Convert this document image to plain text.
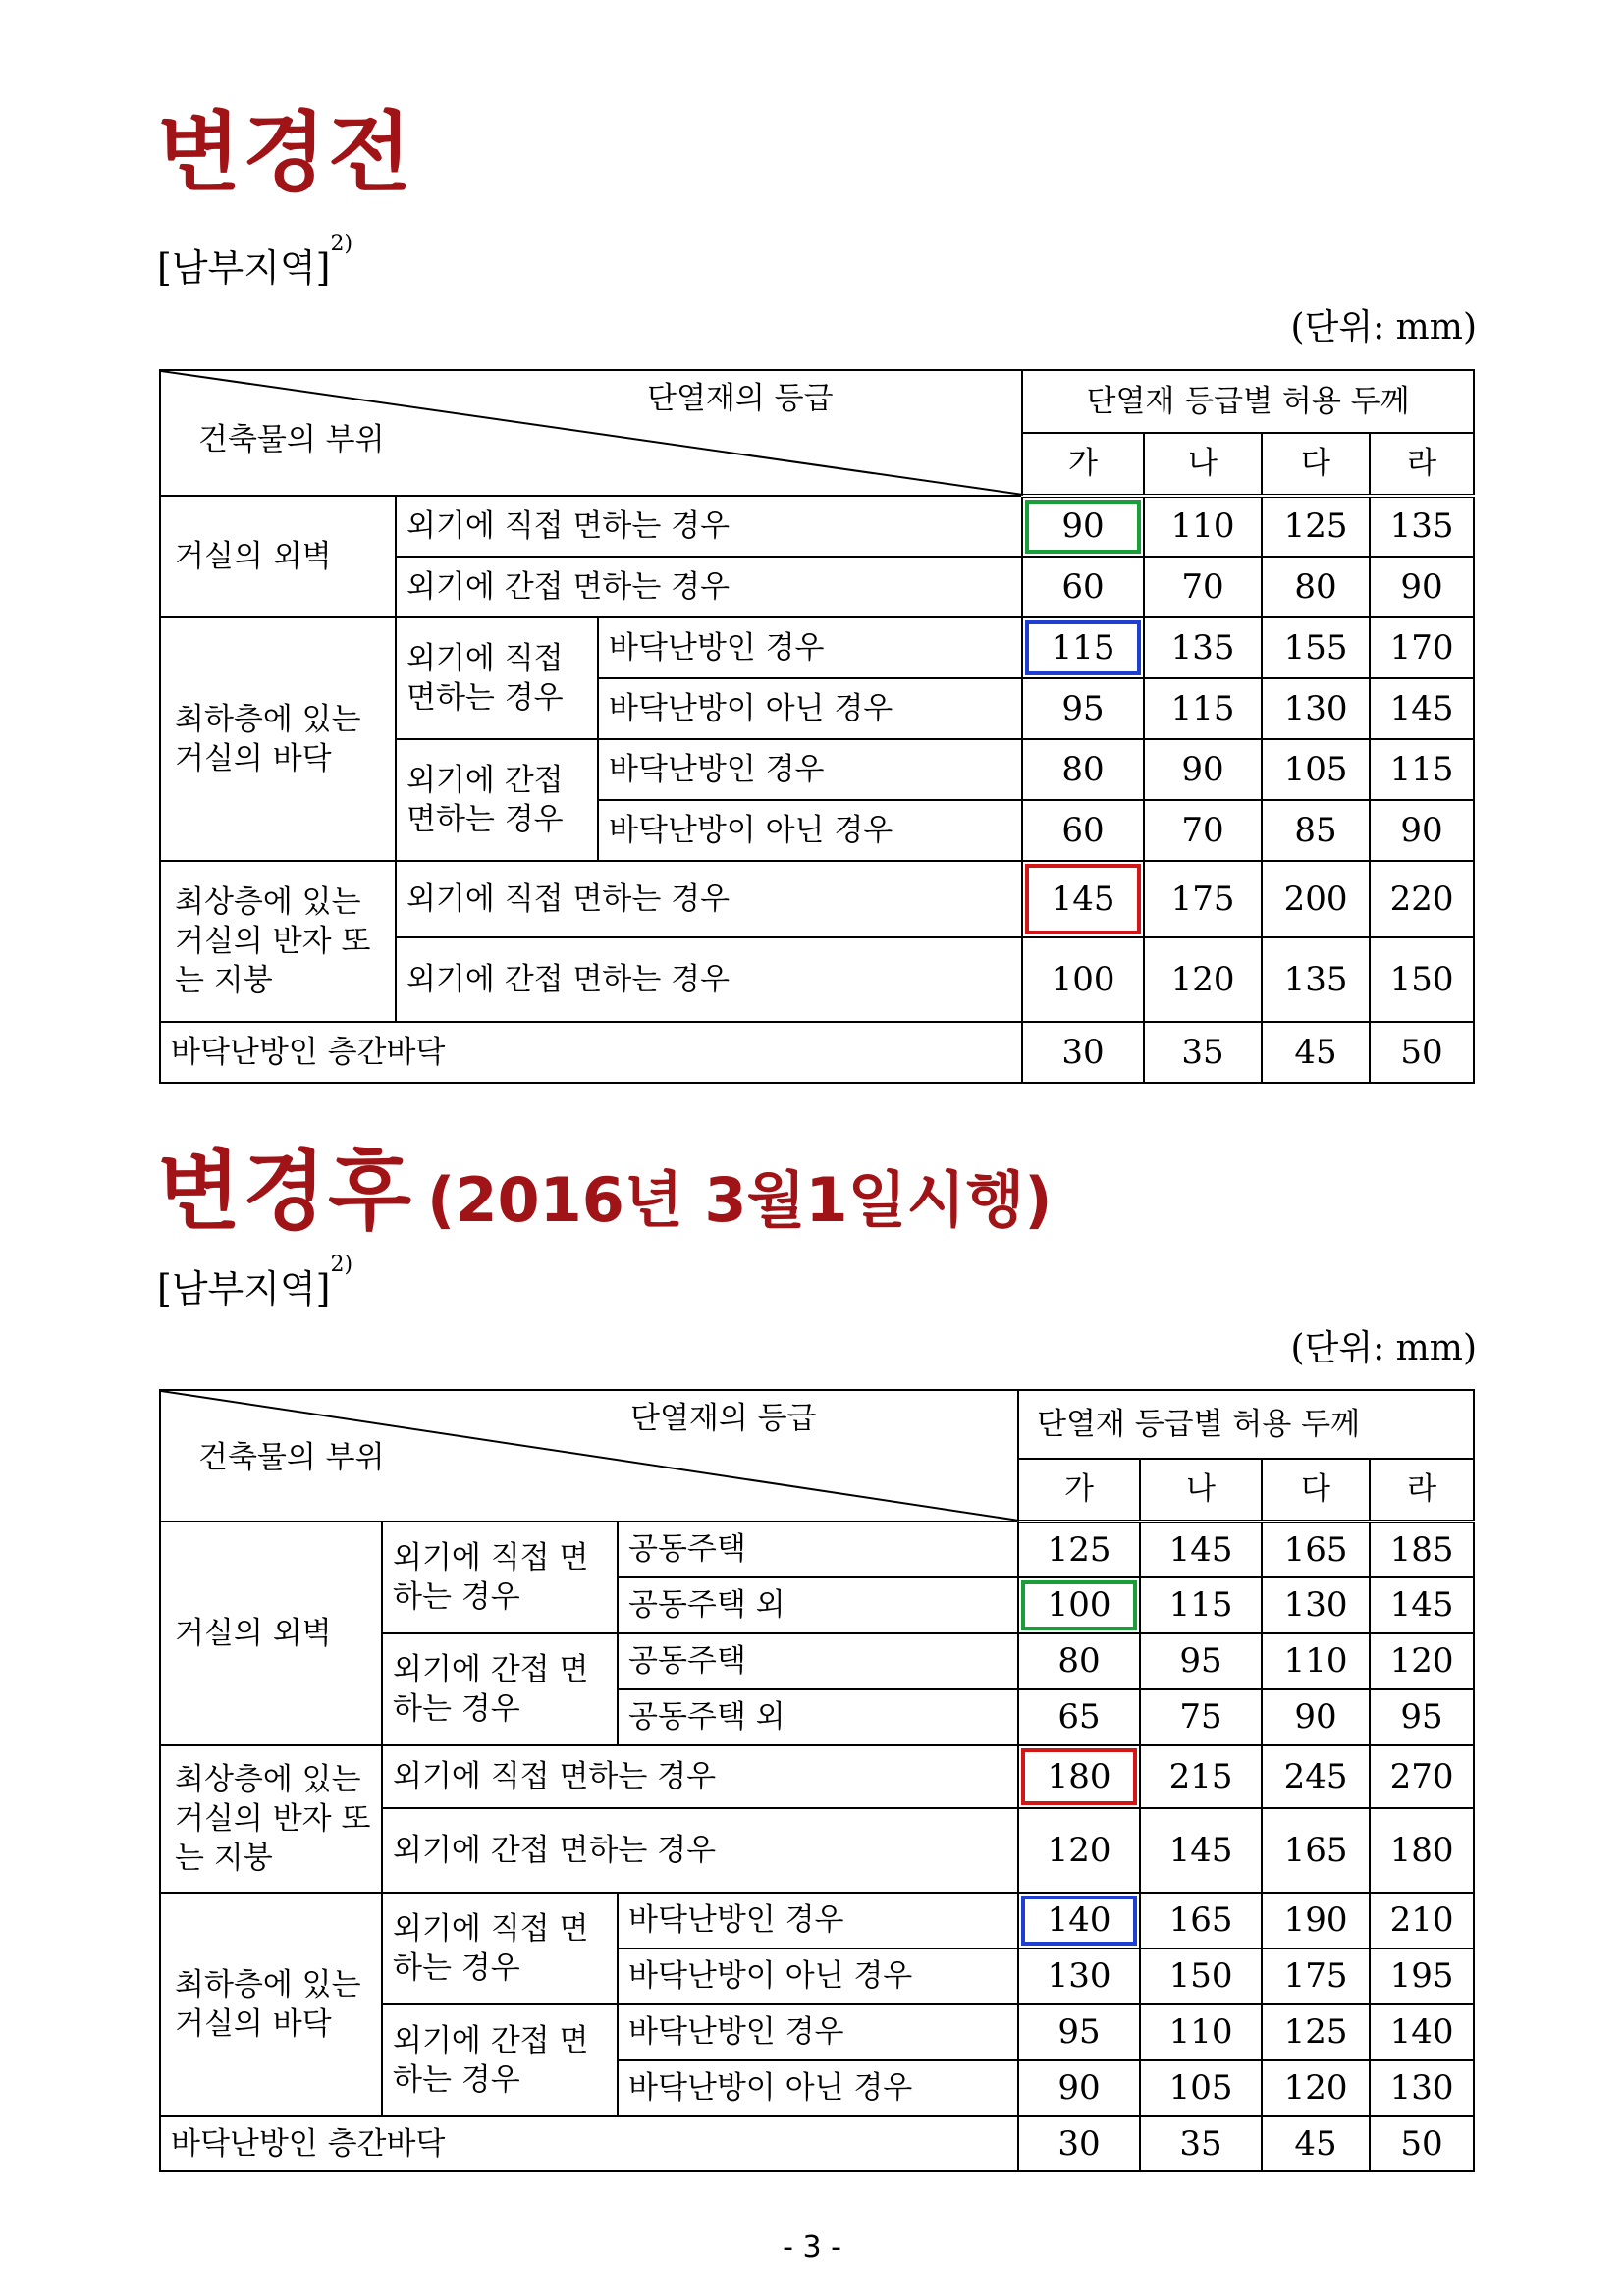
변경전
[남부지역]$^{2)}$
(단위: mm)
단열재의 등급
건축물의 부위			단열재 등급별 허용 두께			
			가	나	다	라
거실의 외벽	외기에 직접 면하는 경우		90	110	125	135
	외기에 간접 면하는 경우		60	70	80	90
최하층에 있는 거실의 바닥	외기에 직접 면하는 경우	바닥난방인 경우	115	135	155	170
		바닥난방이 아닌 경우	95	115	130	145
	외기에 간접 면하는 경우	바닥난방인 경우	80	90	105	115
		바닥난방이 아닌 경우	60	70	85	90
최상층에 있는 거실의 반자 또는 지붕	외기에 직접 면하는 경우		145	175	200	220
	외기에 간접 면하는 경우		100	120	135	150
바닥난방인 층간바닥			30	35	45	50
변경후 (2016년 3월1일시행)
[남부지역]$^{2)}$
(단위: mm)
단열재의 등급
건축물의 부위			단열재 등급별 허용 두께			
			가	나	다	라
거실의 외벽	외기에 직접 면하는 경우	공동주택	125	145	165	185
		공동주택 외	100	115	130	145
	외기에 간접 면하는 경우	공동주택	80	95	110	120
		공동주택 외	65	75	90	95
최상층에 있는 거실의 반자 또는 지붕	외기에 직접 면하는 경우		180	215	245	270
	외기에 간접 면하는 경우		120	145	165	180
최하층에 있는 거실의 바닥	외기에 직접 면하는 경우	바닥난방인 경우	140	165	190	210
		바닥난방이 아닌 경우	130	150	175	195
	외기에 간접 면하는 경우	바닥난방인 경우	95	110	125	140
		바닥난방이 아닌 경우	90	105	120	130
바닥난방인 층간바닥			30	35	45	50
- 3 -
